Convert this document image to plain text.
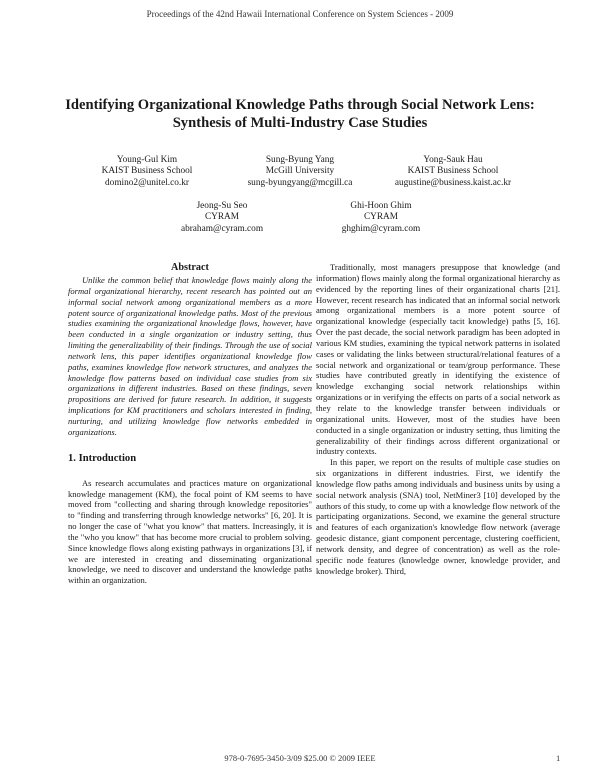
Proceedings of the 42nd Hawaii International Conference on System Sciences - 2009
Identifying Organizational Knowledge Paths through Social Network Lens:
Synthesis of Multi-Industry Case Studies
Young-Gul Kim
KAIST Business School
domino2@unitel.co.kr
Sung-Byung Yang
McGill University
sung-byungyang@mcgill.ca
Yong-Sauk Hau
KAIST Business School
augustine@business.kaist.ac.kr
Jeong-Su Seo
CYRAM
abraham@cyram.com
Ghi-Hoon Ghim
CYRAM
ghghim@cyram.com
Abstract

Unlike the common belief that knowledge flows mainly along the formal organizational hierarchy, recent research has pointed out an informal social network among organizational members as a more potent source of organizational knowledge paths. Most of the previous studies examining the organizational knowledge flows, however, have been conducted in a single organization or industry setting, thus limiting the generalizability of their findings. Through the use of social network lens, this paper identifies organizational knowledge flow paths, examines knowledge flow network structures, and analyzes the knowledge flow patterns based on individual case studies from six organizations in different industries. Based on these findings, seven propositions are derived for future research. In addition, it suggests implications for KM practitioners and scholars interested in finding, nurturing, and utilizing knowledge flow networks embedded in organizations.

1. Introduction

As research accumulates and practices mature on organizational knowledge management (KM), the focal point of KM seems to have moved from "collecting and sharing through knowledge repositories" to "finding and transferring through knowledge networks" [6, 20]. It is no longer the case of "what you know" that matters. Increasingly, it is the "who you know" that has become more crucial to problem solving. Since knowledge flows along existing pathways in organizations [3], if we are interested in creating and disseminating organizational knowledge, we need to discover and understand the knowledge paths within an organization.

Traditionally, most managers presuppose that knowledge (and information) flows mainly along the formal organizational hierarchy as evidenced by the reporting lines of their organizational charts [21]. However, recent research has indicated that an informal social network among organizational members is a more potent source of organizational knowledge (especially tacit knowledge) paths [5, 16]. Over the past decade, the social network paradigm has been adopted in various KM studies, examining the typical network patterns in isolated cases or validating the links between structural/relational features of a social network and organizational or team/group performance. These studies have contributed greatly in identifying the existence of knowledge exchanging social network relationships within organizations or in verifying the effects on parts of a social network as they relate to the knowledge transfer between individuals or organizational units. However, most of the studies have been conducted in a single organization or industry setting, thus limiting the generalizability of their findings across different organizational or industry contexts.

In this paper, we report on the results of multiple case studies on six organizations in different industries. First, we identify the knowledge flow paths among individuals and business units by using a social network analysis (SNA) tool, NetMiner3 [10] developed by the authors of this study, to come up with a knowledge flow network of the participating organizations. Second, we examine the general structure and features of each organization's knowledge flow network (average geodesic distance, giant component percentage, clustering coefficient, network density, and degree of concentration) as well as the role-specific node features (knowledge owner, knowledge provider, and knowledge broker). Third,

978-0-7695-3450-3/09 $25.00 © 2009 IEEE	1
